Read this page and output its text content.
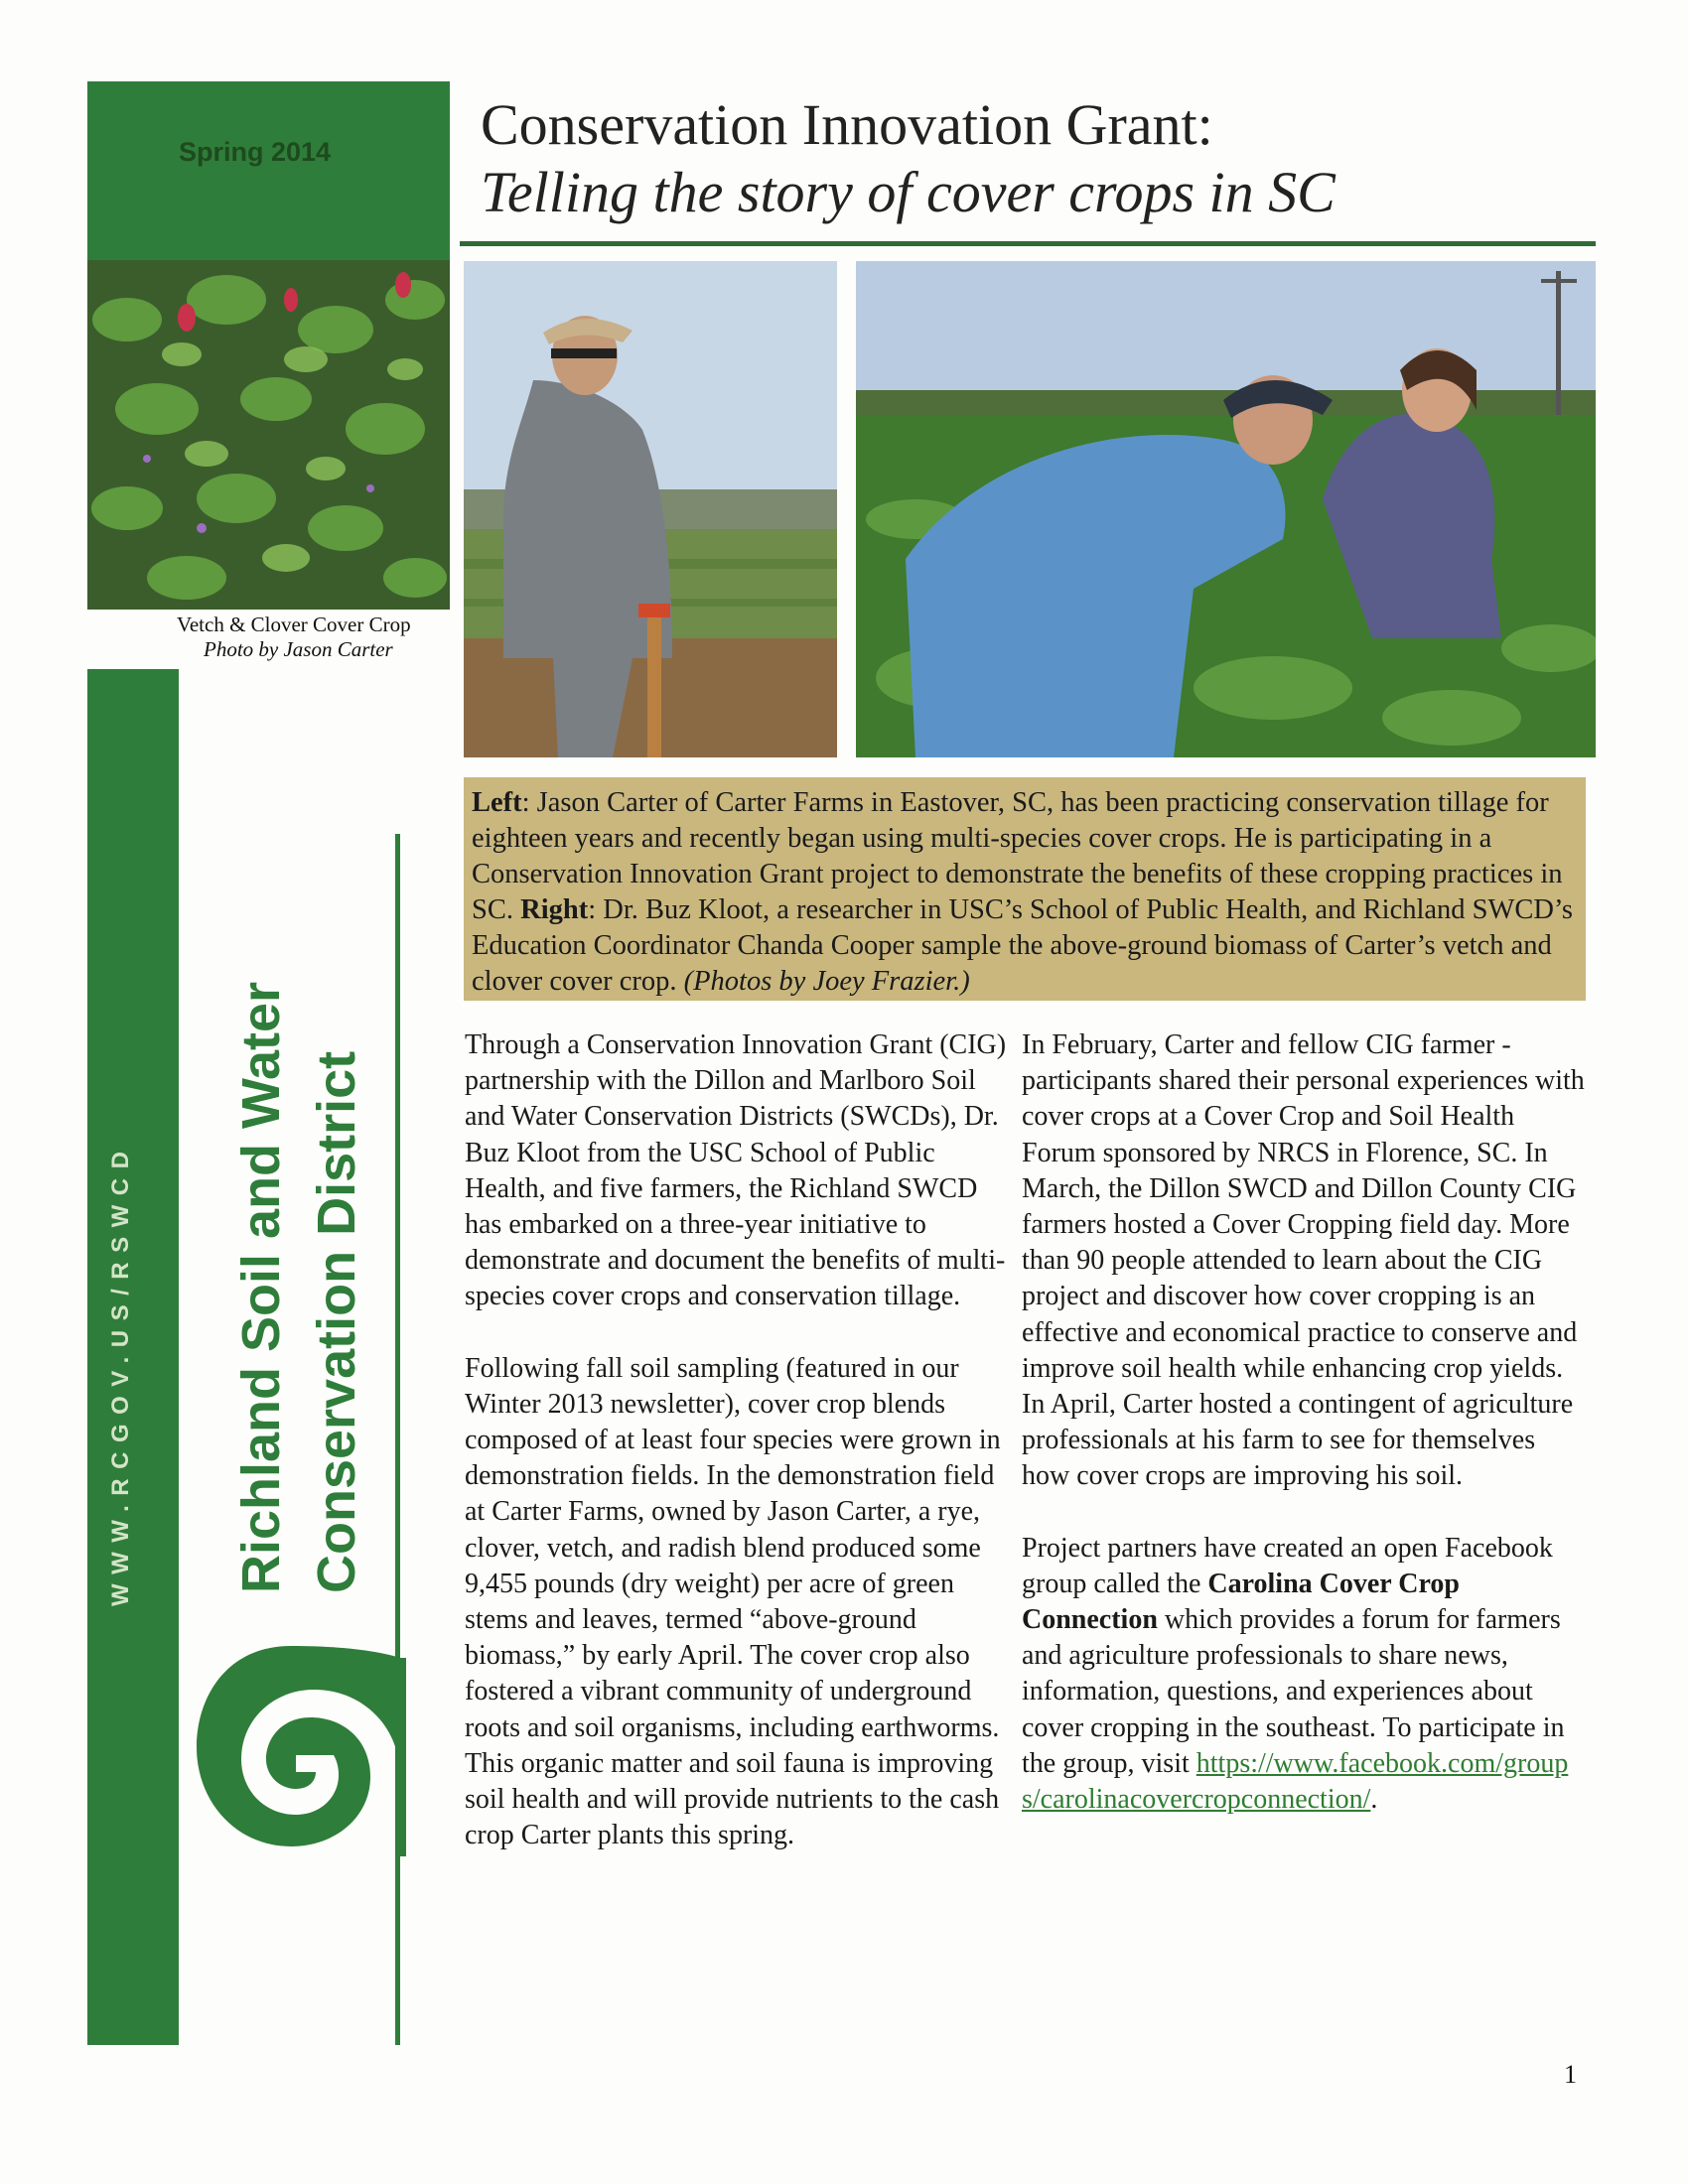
Spring 2014
Vetch & Clover Cover Crop
Photo by Jason Carter
WWW.RCGOV.US/RSWCD Richland Soil and Water Conservation District
Conservation Innovation Grant:
Telling the story of cover crops in SC

Left: Jason Carter of Carter Farms in Eastover, SC, has been practicing conservation tillage for eighteen years and recently began using multi-species cover crops. He is participating in a Conservation Innovation Grant project to demonstrate the benefits of these cropping practices in SC. Right: Dr. Buz Kloot, a researcher in USC’s School of Public Health, and Richland SWCD’s Education Coordinator Chanda Cooper sample the above-ground biomass of Carter’s vetch and clover cover crop. (Photos by Joey Frazier.)

Through a Conservation Innovation Grant (CIG) partnership with the Dillon and Marlboro Soil and Water Conservation Districts (SWCDs), Dr. Buz Kloot from the USC School of Public Health, and five farmers, the Richland SWCD has embarked on a three-year initiative to demonstrate and document the benefits of multi-species cover crops and conservation tillage.

Following fall soil sampling (featured in our Winter 2013 newsletter), cover crop blends composed of at least four species were grown in demonstration fields. In the demonstration field at Carter Farms, owned by Jason Carter, a rye, clover, vetch, and radish blend produced some 9,455 pounds (dry weight) per acre of green stems and leaves, termed “above-ground biomass,” by early April. The cover crop also fostered a vibrant community of underground roots and soil organisms, including earthworms. This organic matter and soil fauna is improving soil health and will provide nutrients to the cash crop Carter plants this spring.

In February, Carter and fellow CIG farmer -participants shared their personal experiences with cover crops at a Cover Crop and Soil Health Forum sponsored by NRCS in Florence, SC. In March, the Dillon SWCD and Dillon County CIG farmers hosted a Cover Cropping field day. More than 90 people attended to learn about the CIG project and discover how cover cropping is an effective and economical practice to conserve and improve soil health while enhancing crop yields. In April, Carter hosted a contingent of agriculture professionals at his farm to see for themselves how cover crops are improving his soil.

Project partners have created an open Facebook group called the Carolina Cover Crop Connection which provides a forum for farmers and agriculture professionals to share news, information, questions, and experiences about cover cropping in the southeast. To participate in the group, visit https://www.facebook.com/groups/carolinacovercropconnection/.

1
